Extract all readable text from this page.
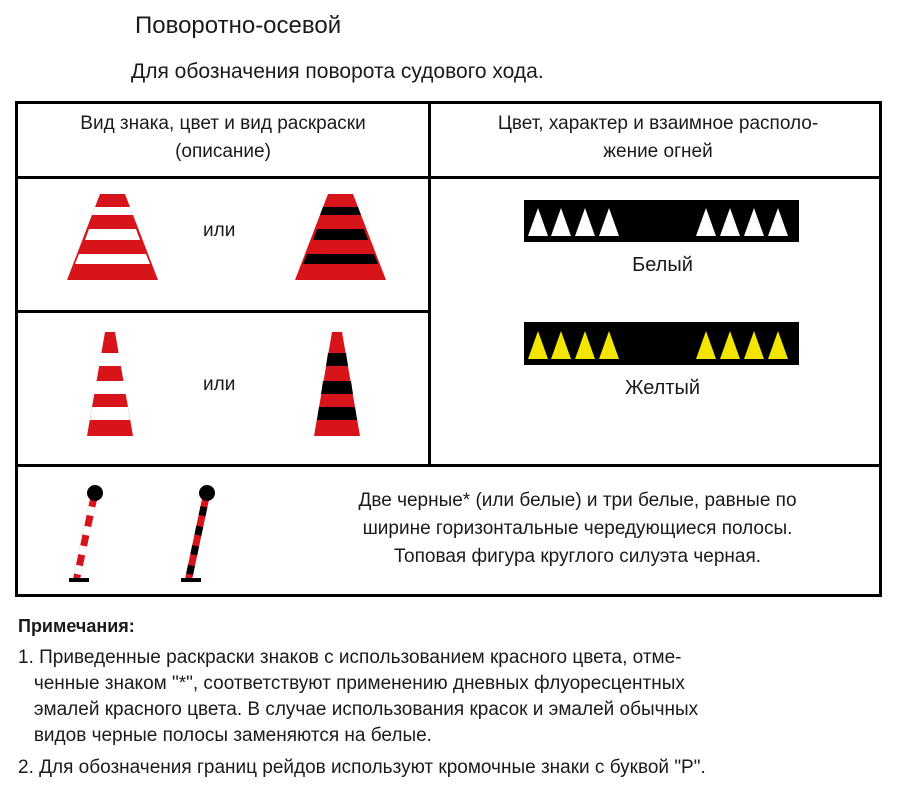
Поворотно-осевой
Для обозначения поворота судового хода.
Вид знака, цвет и вид раскраски
(описание)
Цвет, характер и взаимное располо-
жение огней
или
Белый
или	Желтый
Две черные* (или белые) и три белые, равные по
ширине горизонтальные чередующиеся полосы.
Топовая фигура круглого силуэта черная.
Примечания:
1. Приведенные раскраски знаков с использованием красного цвета, отме-
ченные знаком "*", соответствуют применению дневных флуоресцентных
эмалей красного цвета. В случае использования красок и эмалей обычных
видов черные полосы заменяются на белые.
2. Для обозначения границ рейдов используют кромочные знаки с буквой "Р".
